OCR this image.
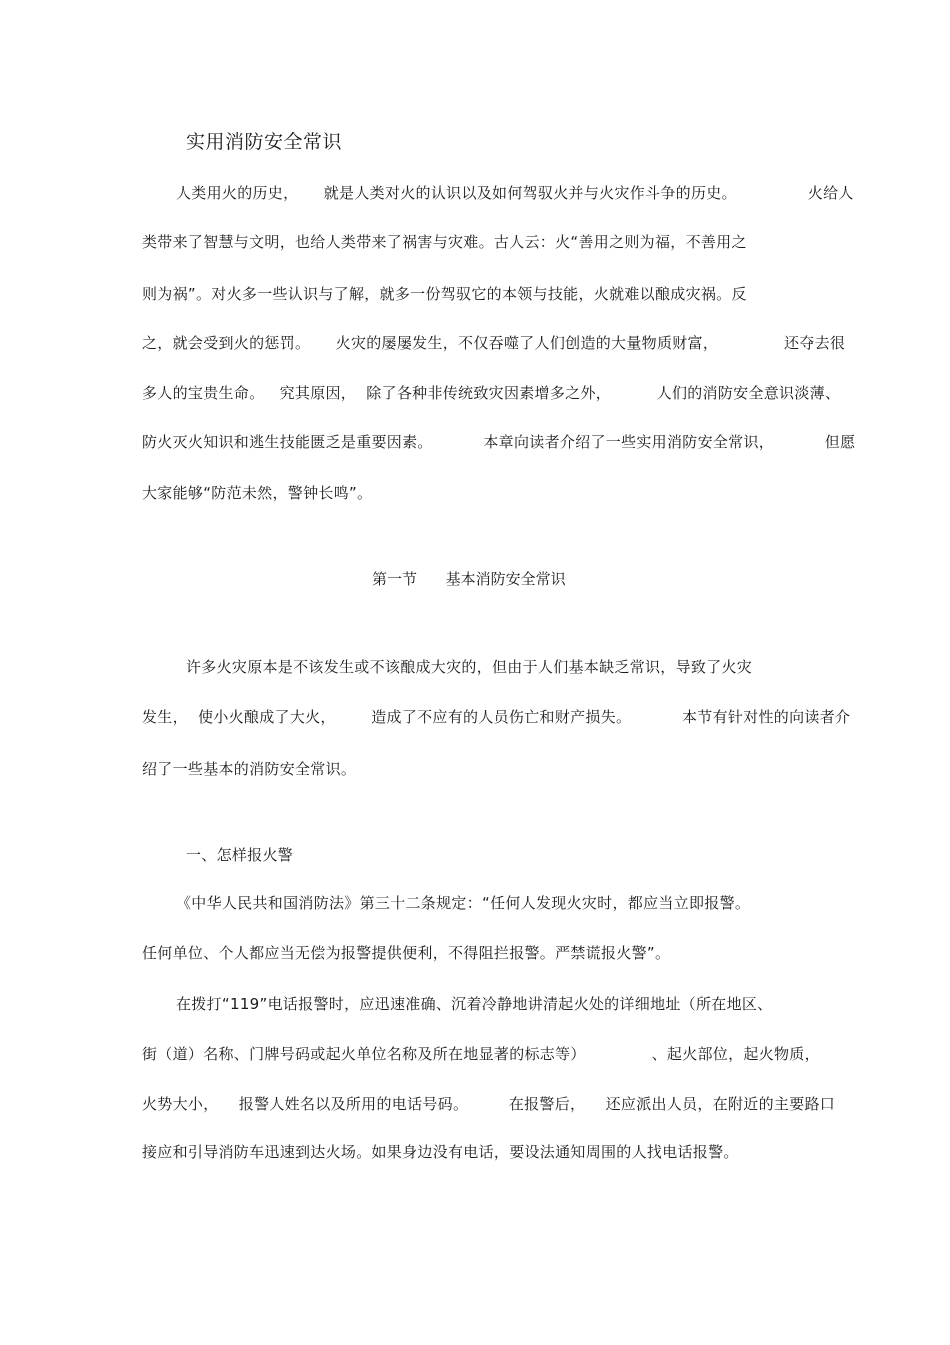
实用消防安全常识
人类用火的历史，     就是人类对火的认识以及如何驾驭火并与火灾作斗争的历史。              火给人
类带来了智慧与文明，也给人类带来了祸害与灾难。古人云：火“善用之则为福，不善用之
则为祸”。对火多一些认识与了解，就多一份驾驭它的本领与技能，火就难以酿成灾祸。反
之，就会受到火的惩罚。     火灾的屡屡发生，不仅吞噬了人们创造的大量物质财富，             还夺去很
多人的宝贵生命。   究其原因，  除了各种非传统致灾因素增多之外，         人们的消防安全意识淡薄、
防火灭火知识和逃生技能匮乏是重要因素。          本章向读者介绍了一些实用消防安全常识，          但愿
大家能够“防范未然，警钟长鸣”。
第一节      基本消防安全常识
许多火灾原本是不该发生或不该酿成大灾的，但由于人们基本缺乏常识，导致了火灾
发生，  使小火酿成了大火，       造成了不应有的人员伤亡和财产损失。          本节有针对性的向读者介
绍了一些基本的消防安全常识。
一、怎样报火警
《中华人民共和国消防法》第三十二条规定：“任何人发现火灾时，都应当立即报警。
任何单位、个人都应当无偿为报警提供便利，不得阻拦报警。严禁谎报火警”。
在拨打“119”电话报警时，应迅速准确、沉着冷静地讲清起火处的详细地址（所在地区、
街（道）名称、门牌号码或起火单位名称及所在地显著的标志等）             、起火部位，起火物质，
火势大小，    报警人姓名以及所用的电话号码。        在报警后，    还应派出人员，在附近的主要路口
接应和引导消防车迅速到达火场。如果身边没有电话，要设法通知周围的人找电话报警。
